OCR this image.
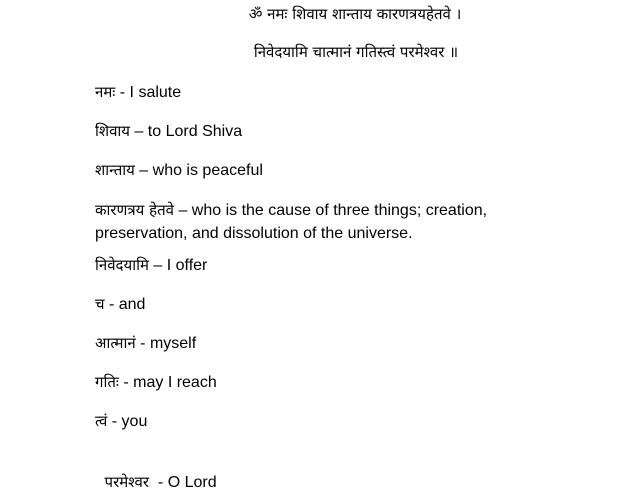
ॐ नमः शिवाय शान्ताय कारणत्रयहेतवे ।
निवेदयामि चात्मानं गतिस्त्वं परमेश्वर ॥
नमः - I salute
शिवाय – to Lord Shiva
शान्ताय – who is peaceful
कारणत्रय हेतवे – who is the cause of three things; creation, preservation, and dissolution of the universe.
निवेदयामि – I offer
च - and
आत्मानं - myself
गतिः - may I reach
त्वं - you

परमेश्वर  - O Lord
